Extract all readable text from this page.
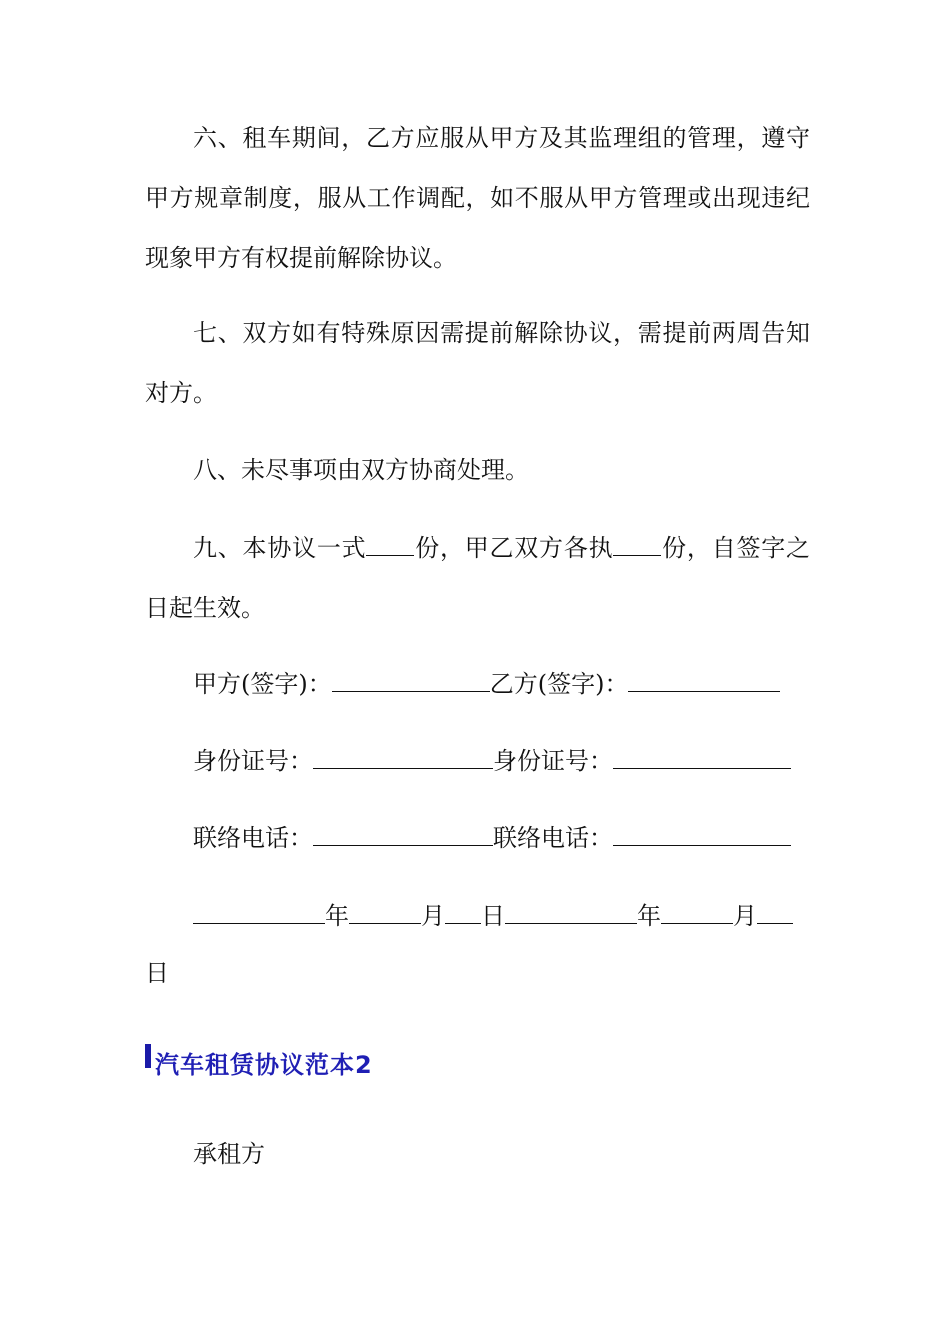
六、租车期间，乙方应服从甲方及其监理组的管理，遵守甲方规章制度，服从工作调配，如不服从甲方管理或出现违纪现象甲方有权提前解除协议。

七、双方如有特殊原因需提前解除协议，需提前两周告知对方。

八、未尽事项由双方协商处理。

九、本协议一式 份，甲乙双方各执 份，自签字之日起生效。

甲方(签字)：	乙方(签字)：
身份证号：	身份证号：
联络电话：	联络电话：
年	月 日	年	月
日
汽车租赁协议范本2
承租方
